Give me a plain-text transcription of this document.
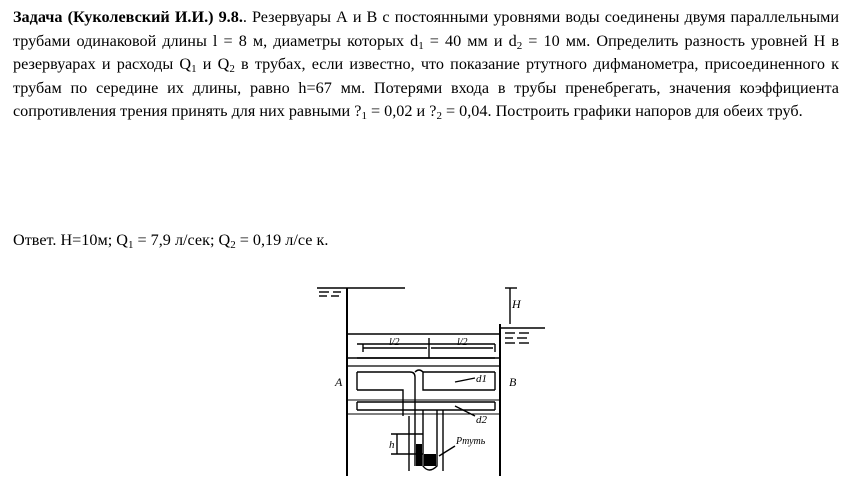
Задача (Куколевский И.И.) 9.8.. Резервуары А и В с постоянными уровнями воды соединены двумя параллельными трубами одинаковой длины l = 8 м, диаметры которых $d_1 = 40$ мм и $d_2 = 10$ мм. Определить разность уровней H в резервуарах и расходы $Q_1$ и $Q_2$ в трубах, если известно, что показание ртутного дифманометра, присоединенного к трубам по середине их длины, равно h=67 мм. Потерями входа в трубы пренебрегать, значения коэффициента сопротивления трения принять для них равными $?_1 = 0,02$ и $?_2 = 0,04$. Построить графики напоров для обеих труб.

Ответ. H=10м; $Q_1 = 7,9$ л/сек; $Q_2 = 0,19$ л/се к.
H
l/2	l/2
A	B
d1
d2
h	Pтуть
